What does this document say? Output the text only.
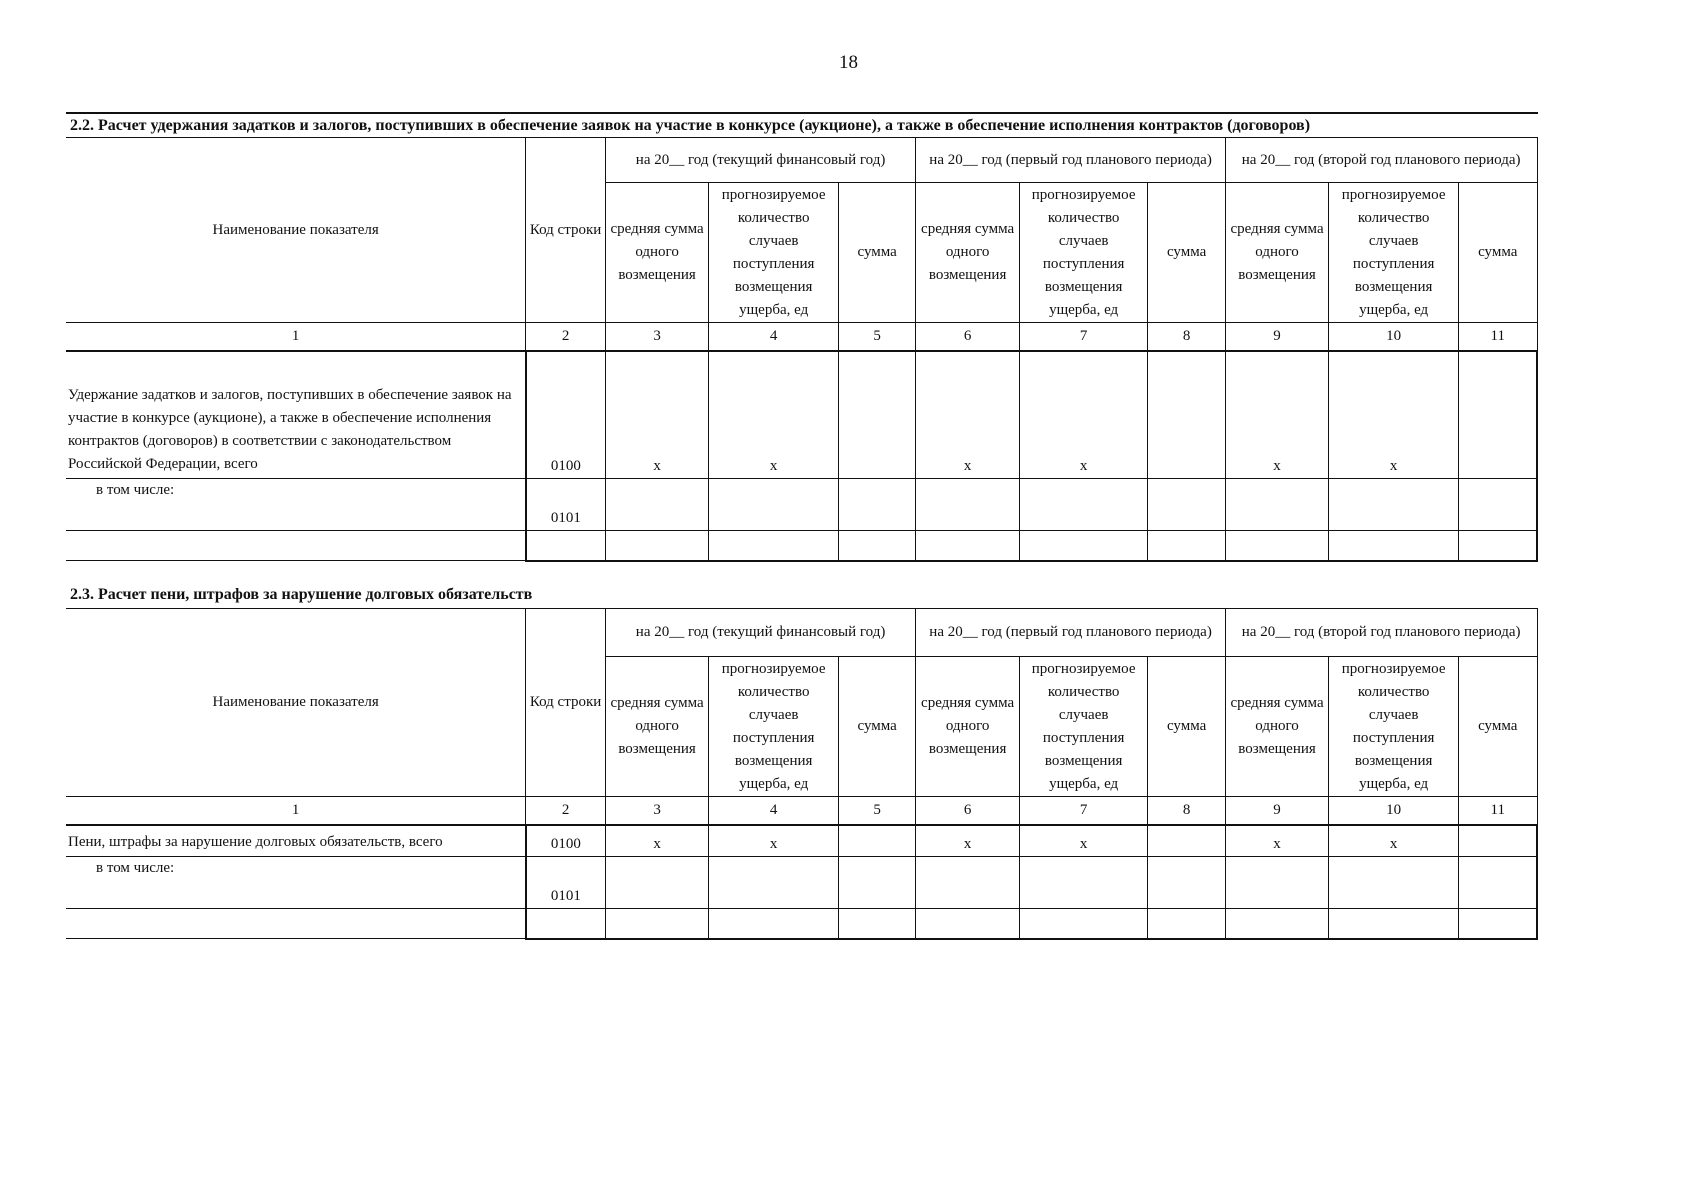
18
2.2. Расчет удержания задатков и залогов, поступивших в обеспечение заявок на участие в конкурсе (аукционе), а также в обеспечение исполнения контрактов (договоров)
Наименование показателя	Код строки	на 20__ год (текущий финансовый год)			на 20__ год (первый год планового периода)			на 20__ год (второй год планового периода)		
		средняя сумма одного возмещения	прогнозируемое количество случаев поступления возмещения ущерба, ед	сумма	средняя сумма одного возмещения	прогнозируемое количество случаев поступления возмещения ущерба, ед	сумма	средняя сумма одного возмещения	прогнозируемое количество случаев поступления возмещения ущерба, ед	сумма
1	2	3	4	5	6	7	8	9	10	11
Удержание задатков и залогов, поступивших в обеспечение заявок на участие в конкурсе (аукционе), а также в обеспечение исполнения контрактов (договоров) в соответствии с законодательством Российской Федерации, всего	0100	x	x		x	x		x	x	
в том числе:	0101									

2.3. Расчет пени, штрафов за нарушение долговых обязательств
Наименование показателя	Код строки	на 20__ год (текущий финансовый год)			на 20__ год (первый год планового периода)			на 20__ год (второй год планового периода)		
		средняя сумма одного возмещения	прогнозируемое количество случаев поступления возмещения ущерба, ед	сумма	средняя сумма одного возмещения	прогнозируемое количество случаев поступления возмещения ущерба, ед	сумма	средняя сумма одного возмещения	прогнозируемое количество случаев поступления возмещения ущерба, ед	сумма
1	2	3	4	5	6	7	8	9	10	11
Пени, штрафы за нарушение долговых обязательств, всего	0100	x	x		x	x		x	x	
в том числе:	0101									
